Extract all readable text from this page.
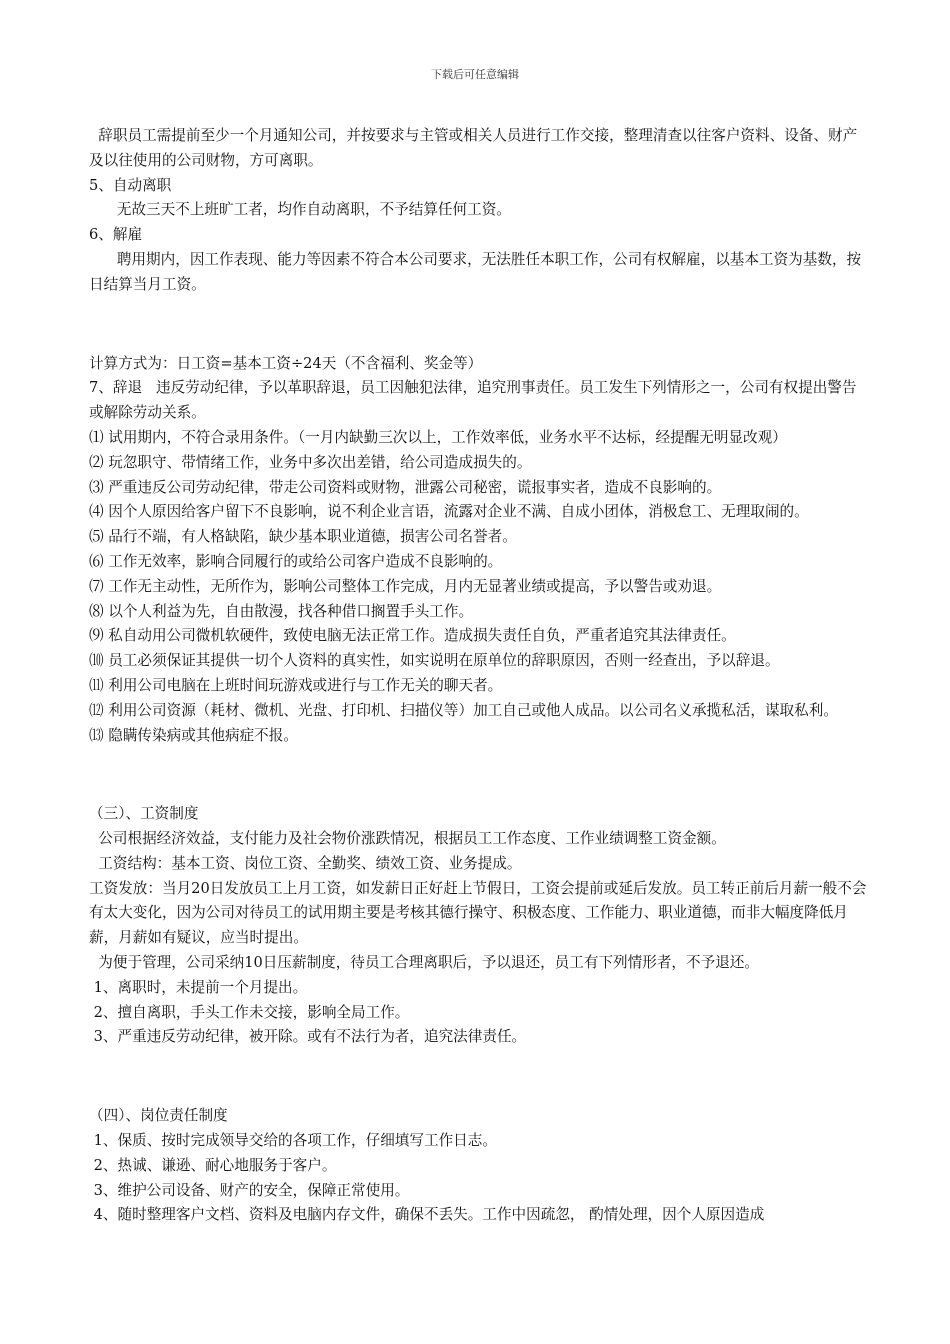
下载后可任意编辑

辞职员工需提前至少一个月通知公司，并按要求与主管或相关人员进行工作交接，整理清查以往客户资料、设备、财产及以往使用的公司财物，方可离职。

5、自动离职

无故三天不上班旷工者，均作自动离职，不予结算任何工资。

6、解雇

聘用期内，因工作表现、能力等因素不符合本公司要求，无法胜任本职工作，公司有权解雇，以基本工资为基数，按日结算当月工资。

计算方式为：日工资=基本工资÷24天（不含福利、奖金等）

7、辞退   违反劳动纪律，予以革职辞退，员工因触犯法律，追究刑事责任。员工发生下列情形之一，公司有权提出警告或解除劳动关系。

⑴ 试用期内，不符合录用条件。（一月内缺勤三次以上，工作效率低，业务水平不达标，经提醒无明显改观）

⑵ 玩忽职守、带情绪工作，业务中多次出差错，给公司造成损失的。

⑶ 严重违反公司劳动纪律，带走公司资料或财物，泄露公司秘密，谎报事实者，造成不良影响的。

⑷ 因个人原因给客户留下不良影响，说不利企业言语，流露对企业不满、自成小团体，消极怠工、无理取闹的。

⑸ 品行不端，有人格缺陷，缺少基本职业道德，损害公司名誉者。

⑹ 工作无效率，影响合同履行的或给公司客户造成不良影响的。

⑺ 工作无主动性，无所作为，影响公司整体工作完成，月内无显著业绩或提高，予以警告或劝退。

⑻ 以个人利益为先，自由散漫，找各种借口搁置手头工作。

⑼ 私自动用公司微机软硬件，致使电脑无法正常工作。造成损失责任自负，严重者追究其法律责任。

⑽ 员工必须保证其提供一切个人资料的真实性，如实说明在原单位的辞职原因，否则一经查出，予以辞退。

⑾ 利用公司电脑在上班时间玩游戏或进行与工作无关的聊天者。

⑿ 利用公司资源（耗材、微机、光盘、打印机、扫描仪等）加工自己或他人成品。以公司名义承揽私活，谋取私利。

⒀ 隐瞒传染病或其他病症不报。

（三）、工资制度

公司根据经济效益，支付能力及社会物价涨跌情况，根据员工工作态度、工作业绩调整工资金额。

工资结构：基本工资、岗位工资、全勤奖、绩效工资、业务提成。

工资发放：当月20日发放员工上月工资，如发薪日正好赶上节假日，工资会提前或延后发放。员工转正前后月薪一般不会有太大变化，因为公司对待员工的试用期主要是考核其德行操守、积极态度、工作能力、职业道德，而非大幅度降低月薪，月薪如有疑议，应当时提出。

为便于管理，公司采纳10日压薪制度，待员工合理离职后，予以退还，员工有下列情形者，不予退还。

1、离职时，未提前一个月提出。

2、擅自离职，手头工作未交接，影响全局工作。

3、严重违反劳动纪律，被开除。或有不法行为者，追究法律责任。

（四）、岗位责任制度

1、保质、按时完成领导交给的各项工作，仔细填写工作日志。

2、热诚、谦逊、耐心地服务于客户。

3、维护公司设备、财产的安全，保障正常使用。

4、随时整理客户文档、资料及电脑内存文件，确保不丢失。工作中因疏忽， 酌情处理，因个人原因造成
